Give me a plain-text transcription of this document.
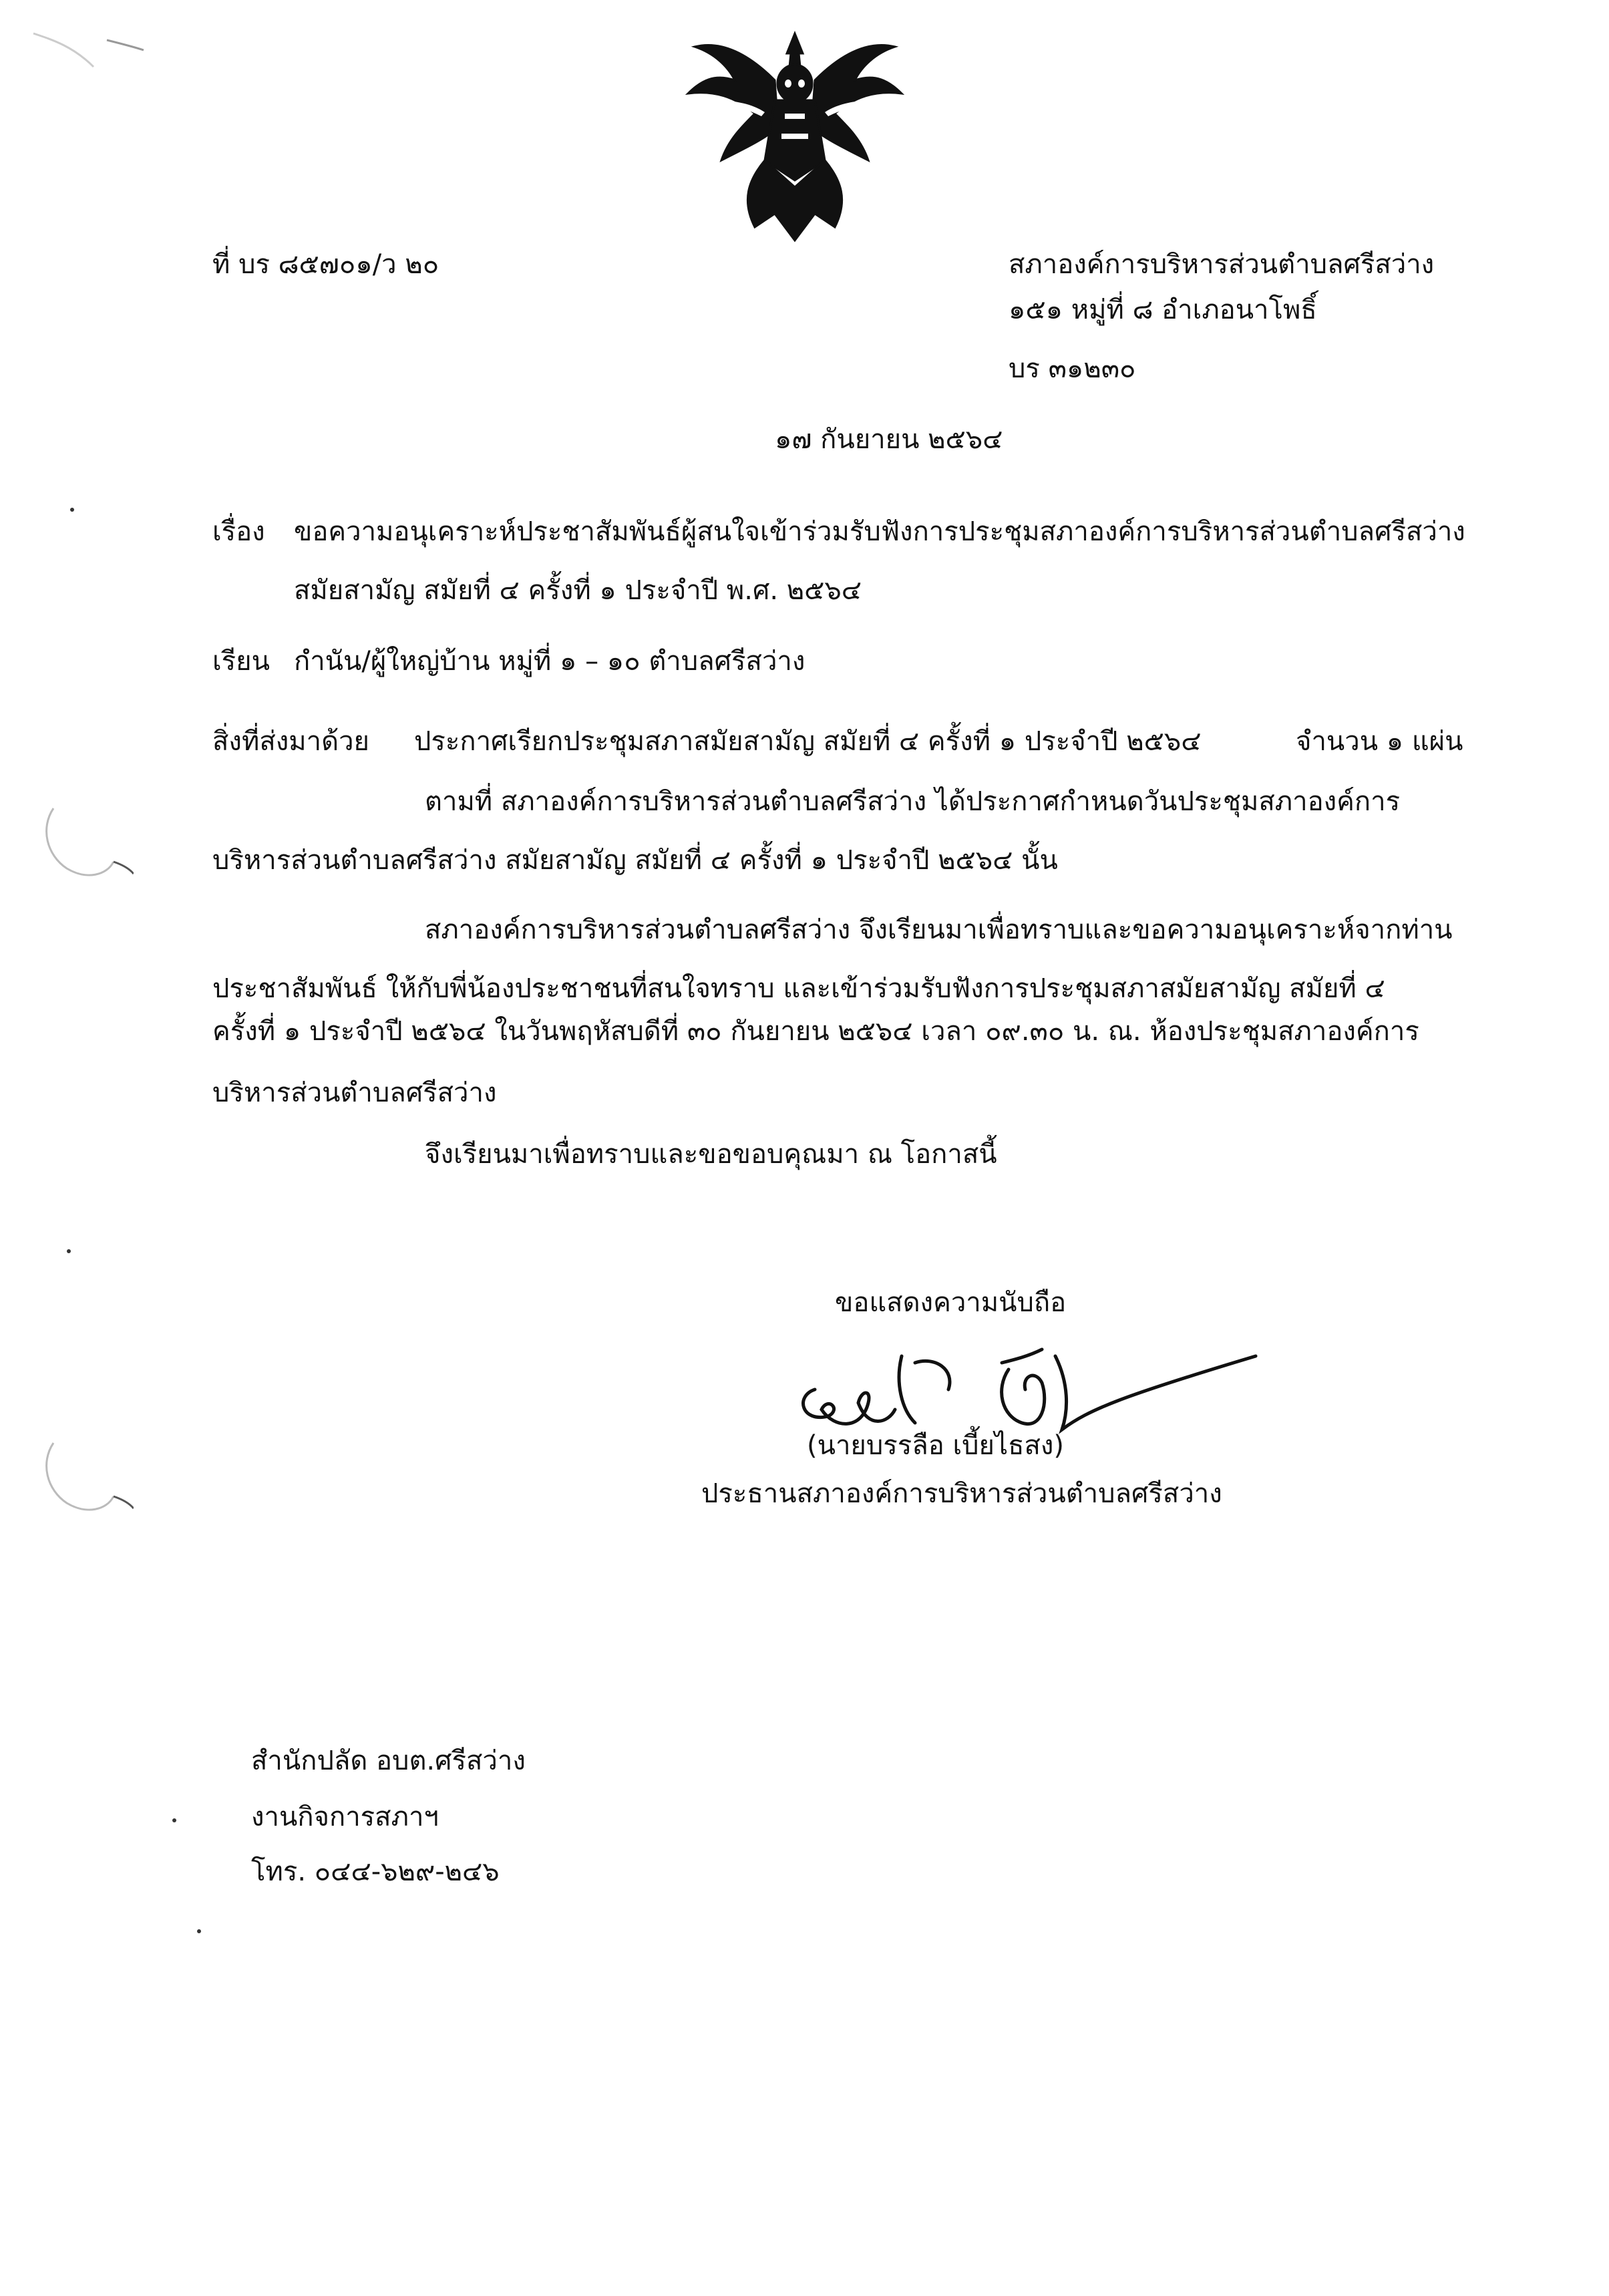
ที่ บร ๘๕๗๐๑/ว ๒๐	สภาองค์การบริหารส่วนตำบลศรีสว่าง
๑๕๑ หมู่ที่ ๘ อำเภอนาโพธิ์
บร ๓๑๒๓๐
๑๗ กันยายน ๒๕๖๔
เรื่อง ขอความอนุเคราะห์ประชาสัมพันธ์ผู้สนใจเข้าร่วมรับฟังการประชุมสภาองค์การบริหารส่วนตำบลศรีสว่าง
สมัยสามัญ สมัยที่ ๔ ครั้งที่ ๑ ประจำปี พ.ศ. ๒๕๖๔
เรียน กำนัน/ผู้ใหญ่บ้าน หมู่ที่ ๑ – ๑๐ ตำบลศรีสว่าง
สิ่งที่ส่งมาด้วย ประกาศเรียกประชุมสภาสมัยสามัญ สมัยที่ ๔ ครั้งที่ ๑ ประจำปี ๒๕๖๔	จำนวน ๑ แผ่น
ตามที่ สภาองค์การบริหารส่วนตำบลศรีสว่าง ได้ประกาศกำหนดวันประชุมสภาองค์การ
บริหารส่วนตำบลศรีสว่าง สมัยสามัญ สมัยที่ ๔ ครั้งที่ ๑ ประจำปี ๒๕๖๔ นั้น
สภาองค์การบริหารส่วนตำบลศรีสว่าง จึงเรียนมาเพื่อทราบและขอความอนุเคราะห์จากท่าน
ประชาสัมพันธ์ ให้กับพี่น้องประชาชนที่สนใจทราบ และเข้าร่วมรับฟังการประชุมสภาสมัยสามัญ สมัยที่ ๔
ครั้งที่ ๑ ประจำปี ๒๕๖๔ ในวันพฤหัสบดีที่ ๓๐ กันยายน ๒๕๖๔ เวลา ๐๙.๓๐ น. ณ. ห้องประชุมสภาองค์การ
บริหารส่วนตำบลศรีสว่าง
จึงเรียนมาเพื่อทราบและขอขอบคุณมา ณ โอกาสนี้
ขอแสดงความนับถือ
(นายบรรลือ เบี้ยไธสง)
ประธานสภาองค์การบริหารส่วนตำบลศรีสว่าง
สำนักปลัด อบต.ศรีสว่าง
งานกิจการสภาฯ
โทร. ๐๔๔-๖๒๙-๒๔๖
